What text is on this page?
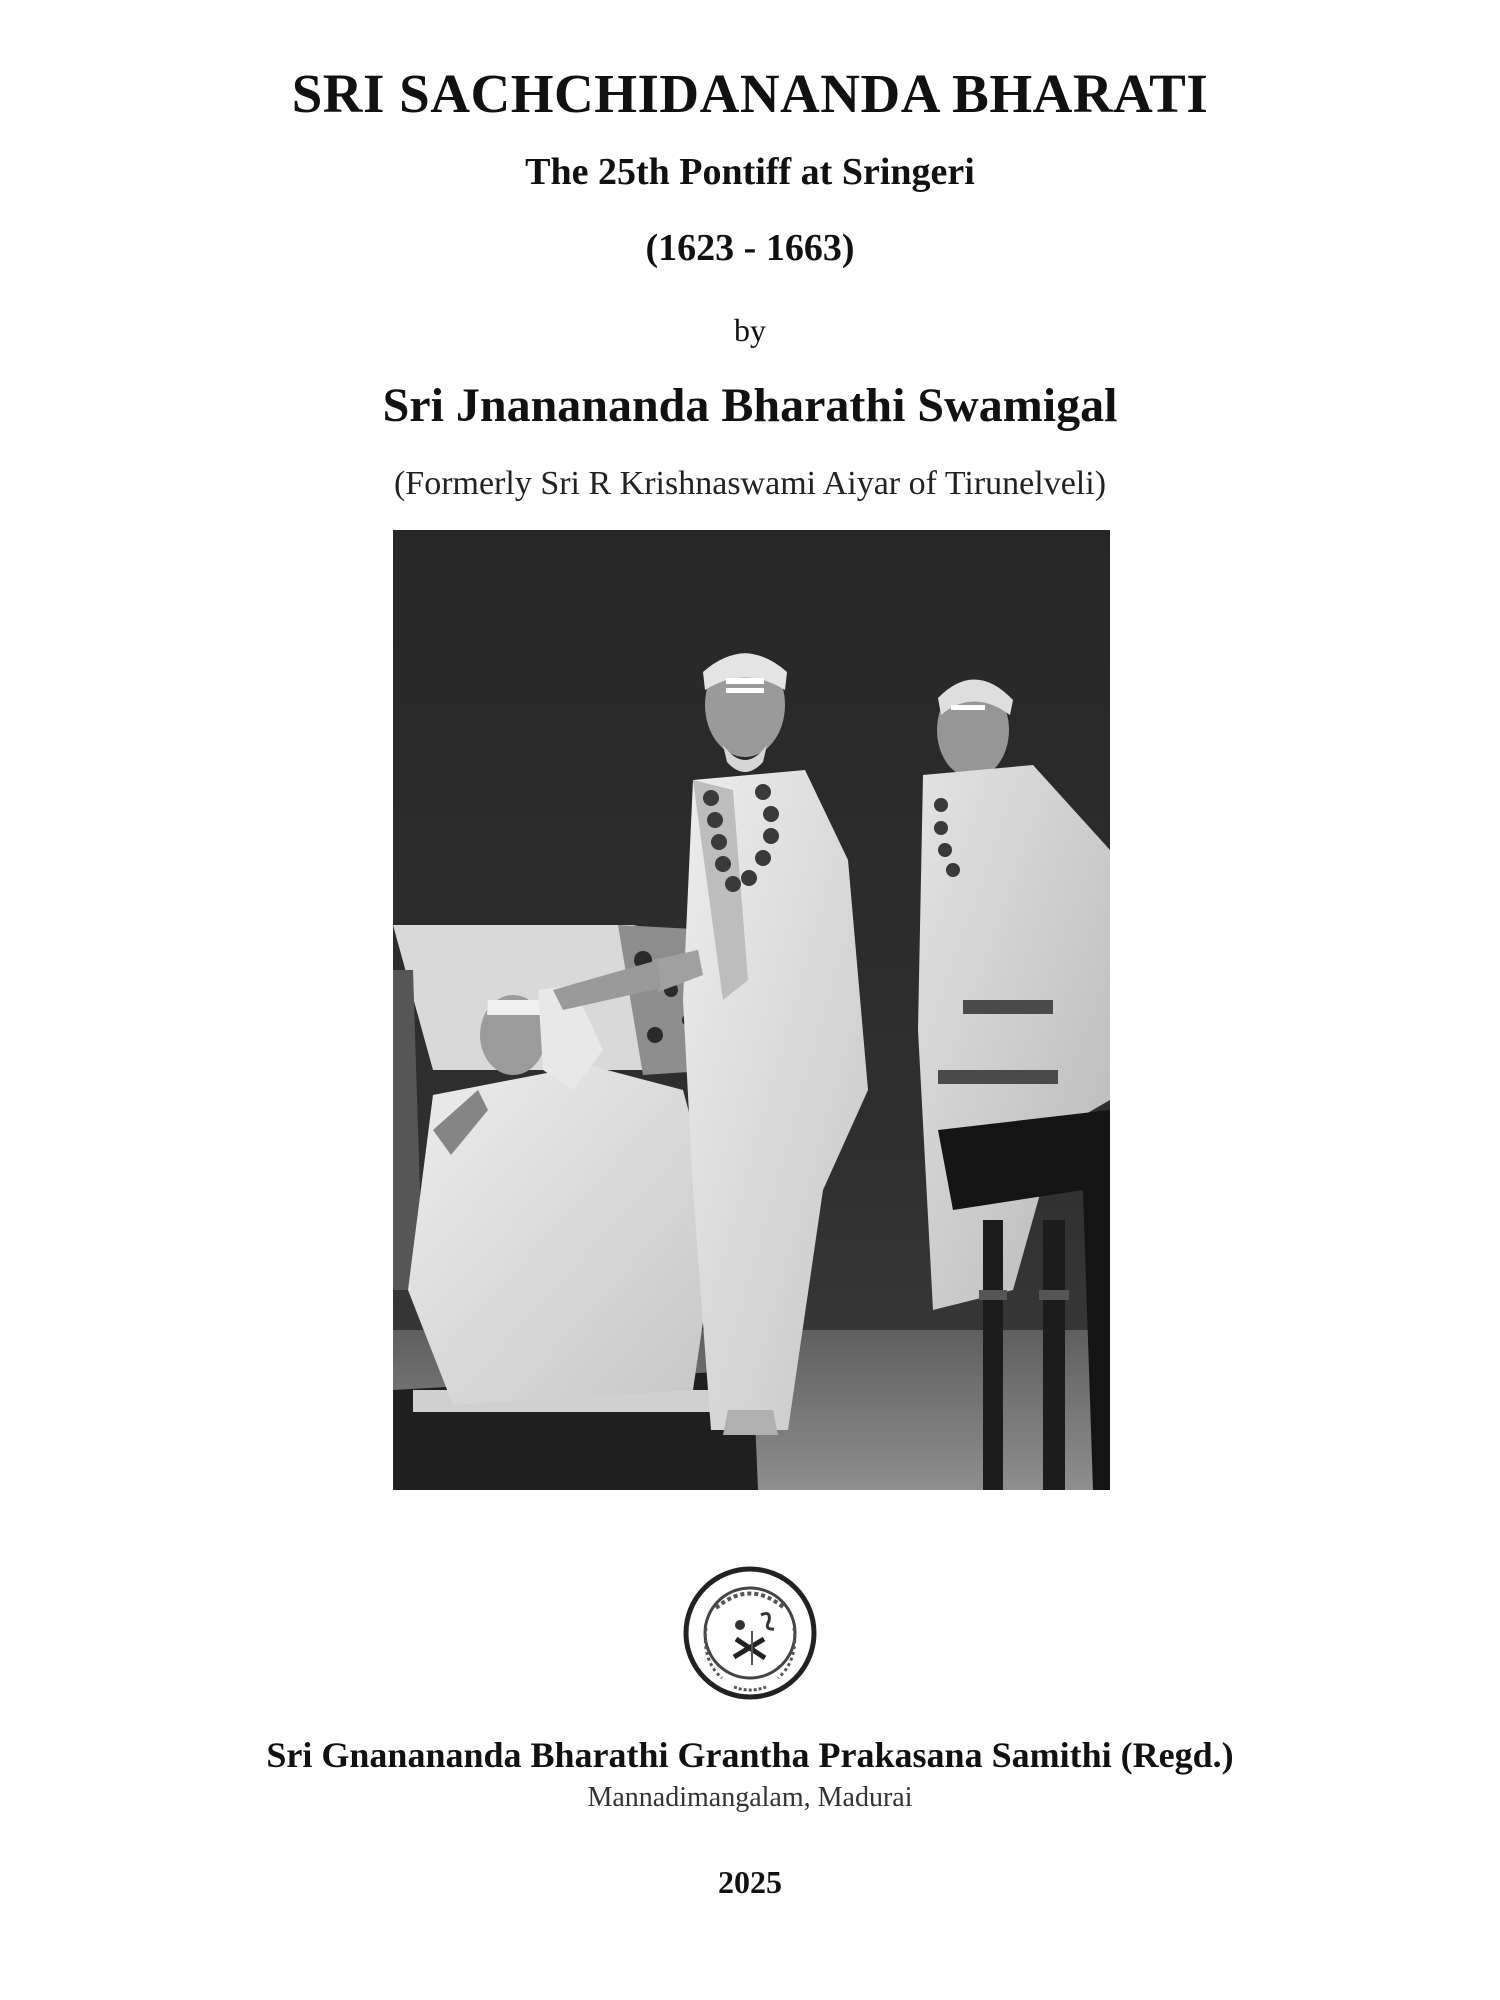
SRI SACHCHIDANANDA BHARATI
The 25th Pontiff at Sringeri
(1623 - 1663)
by
Sri Jnanananda Bharathi Swamigal
(Formerly Sri R Krishnaswami Aiyar of Tirunelveli)
Sri Gnanananda Bharathi Grantha Prakasana Samithi (Regd.)
Mannadimangalam, Madurai
2025
